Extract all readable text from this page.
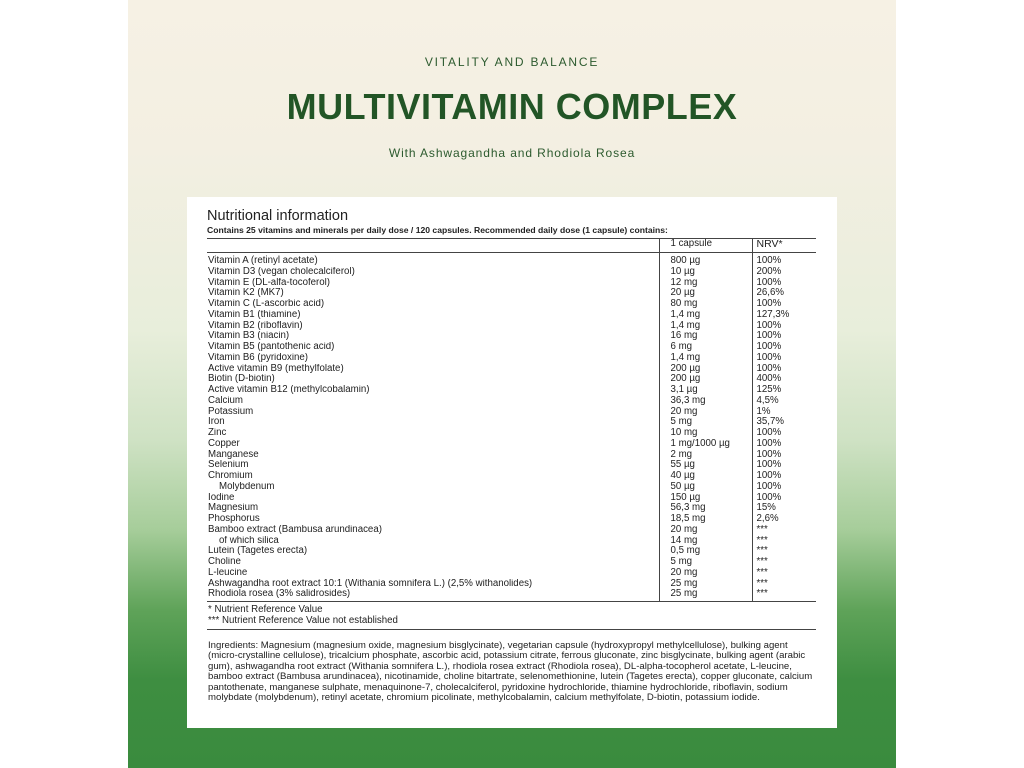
VITALITY AND BALANCE
MULTIVITAMIN COMPLEX
With Ashwagandha and Rhodiola Rosea

Nutritional information

Contains 25 vitamins and minerals per daily dose / 120 capsules. Recommended daily dose (1 capsule) contains:

	1 capsule	NRV*
Vitamin A (retinyl acetate)	800 µg	100%
Vitamin D3 (vegan cholecalciferol)	10 µg	200%
Vitamin E (DL-alfa-tocoferol)	12 mg	100%
Vitamin K2 (MK7)	20 µg	26,6%
Vitamin C (L-ascorbic acid)	80 mg	100%
Vitamin B1 (thiamine)	1,4 mg	127,3%
Vitamin B2 (riboflavin)	1,4 mg	100%
Vitamin B3 (niacin)	16 mg	100%
Vitamin B5 (pantothenic acid)	6 mg	100%
Vitamin B6 (pyridoxine)	1,4 mg	100%
Active vitamin B9 (methylfolate)	200 µg	100%
Biotin (D-biotin)	200 µg	400%
Active vitamin B12 (methylcobalamin)	3,1 µg	125%
Calcium	36,3 mg	4,5%
Potassium	20 mg	1%
Iron	5 mg	35,7%
Zinc	10 mg	100%
Copper	1 mg/1000 µg	100%
Manganese	2 mg	100%
Selenium	55 µg	100%
Chromium	40 µg	100%
Molybdenum	50 µg	100%
Iodine	150 µg	100%
Magnesium	56,3 mg	15%
Phosphorus	18,5 mg	2,6%
Bamboo extract (Bambusa arundinacea)	20 mg	***
of which silica	14 mg	***
Lutein (Tagetes erecta)	0,5 mg	***
Choline	5 mg	***
L-leucine	20 mg	***
Ashwagandha root extract 10:1 (Withania somnifera L.) (2,5% withanolides)	25 mg	***
Rhodiola rosea (3% salidrosides)	25 mg	***
* Nutrient Reference Value
*** Nutrient Reference Value not established
Ingredients: Magnesium (magnesium oxide, magnesium bisglycinate), vegetarian capsule (hydroxypropyl methylcellulose), bulking agent (micro-crystalline cellulose), tricalcium phosphate, ascorbic acid, potassium citrate, ferrous gluconate, zinc bisglycinate, bulking agent (arabic gum), ashwagandha root extract (Withania somnifera L.), rhodiola rosea extract (Rhodiola rosea), DL-alpha-tocopherol acetate, L-leucine, bamboo extract (Bambusa arundinacea), nicotinamide, choline bitartrate, selenomethionine, lutein (Tagetes erecta), copper gluconate, calcium pantothenate, manganese sulphate, menaquinone-7, cholecalciferol, pyridoxine hydrochloride, thiamine hydrochloride, riboflavin, sodium molybdate (molybdenum), retinyl acetate, chromium picolinate, methylcobalamin, calcium methylfolate, D-biotin, potassium iodide.
